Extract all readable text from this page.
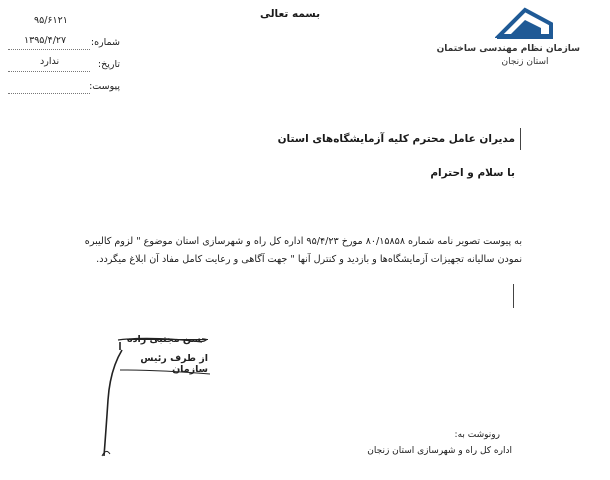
بسمه تعالی
سازمان نظام مهندسی ساختمان
استان زنجان
۹۵/۶۱۲۱
شماره:
۱۳۹۵/۴/۲۷
تاریخ:
ندارد
پیوست:
مدیران عامل محترم کلیه آزمایشگاه‌های استان
با سلام و احترام
به پیوست تصویر نامه شماره ۸۰/۱۵۸۵۸ مورخ ۹۵/۴/۲۳ اداره کل راه و شهرسازی استان موضوع " لزوم کالیبره
نمودن سالیانه تجهیزات آزمایشگاه‌ها و بازدید و کنترل آنها " جهت آگاهی و رعایت کامل مفاد آن ابلاغ میگردد.
حسن مجتبی زاده
از طرف رئیس سازمان
رونوشت به:
اداره کل راه و شهرسازی استان زنجان
